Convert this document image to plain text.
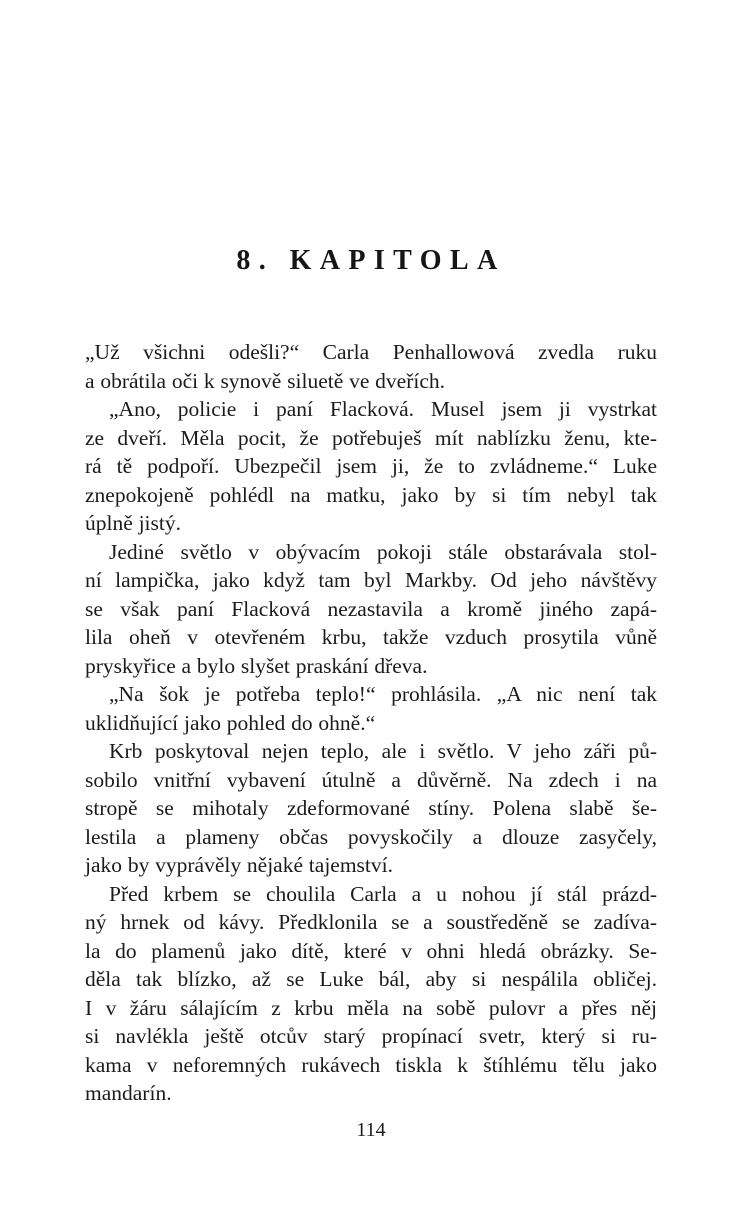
8. KAPITOLA
„Už všichni odešli?“ Carla Penhallowová zvedla ruku
a obrátila oči k synově siluetě ve dveřích.
„Ano, policie i paní Flacková. Musel jsem ji vystrkat
ze dveří. Měla pocit, že potřebuješ mít nablízku ženu, kte-
rá tě podpoří. Ubezpečil jsem ji, že to zvládneme.“ Luke
znepokojeně pohlédl na matku, jako by si tím nebyl tak
úplně jistý.
Jediné světlo v obývacím pokoji stále obstarávala stol-
ní lampička, jako když tam byl Markby. Od jeho návštěvy
se však paní Flacková nezastavila a kromě jiného zapá-
lila oheň v otevřeném krbu, takže vzduch prosytila vůně
pryskyřice a bylo slyšet praskání dřeva.
„Na šok je potřeba teplo!“ prohlásila. „A nic není tak
uklidňující jako pohled do ohně.“
Krb poskytoval nejen teplo, ale i světlo. V jeho záři pů-
sobilo vnitřní vybavení útulně a důvěrně. Na zdech i na
stropě se mihotaly zdeformované stíny. Polena slabě še-
lestila a plameny občas povyskočily a dlouze zasyčely,
jako by vyprávěly nějaké tajemství.
Před krbem se choulila Carla a u nohou jí stál prázd-
ný hrnek od kávy. Předklonila se a soustředěně se zadíva-
la do plamenů jako dítě, které v ohni hledá obrázky. Se-
děla tak blízko, až se Luke bál, aby si nespálila obličej.
I v žáru sálajícím z krbu měla na sobě pulovr a přes něj
si navlékla ještě otcův starý propínací svetr, který si ru-
kama v neforemných rukávech tiskla k štíhlému tělu jako
mandarín.
114
